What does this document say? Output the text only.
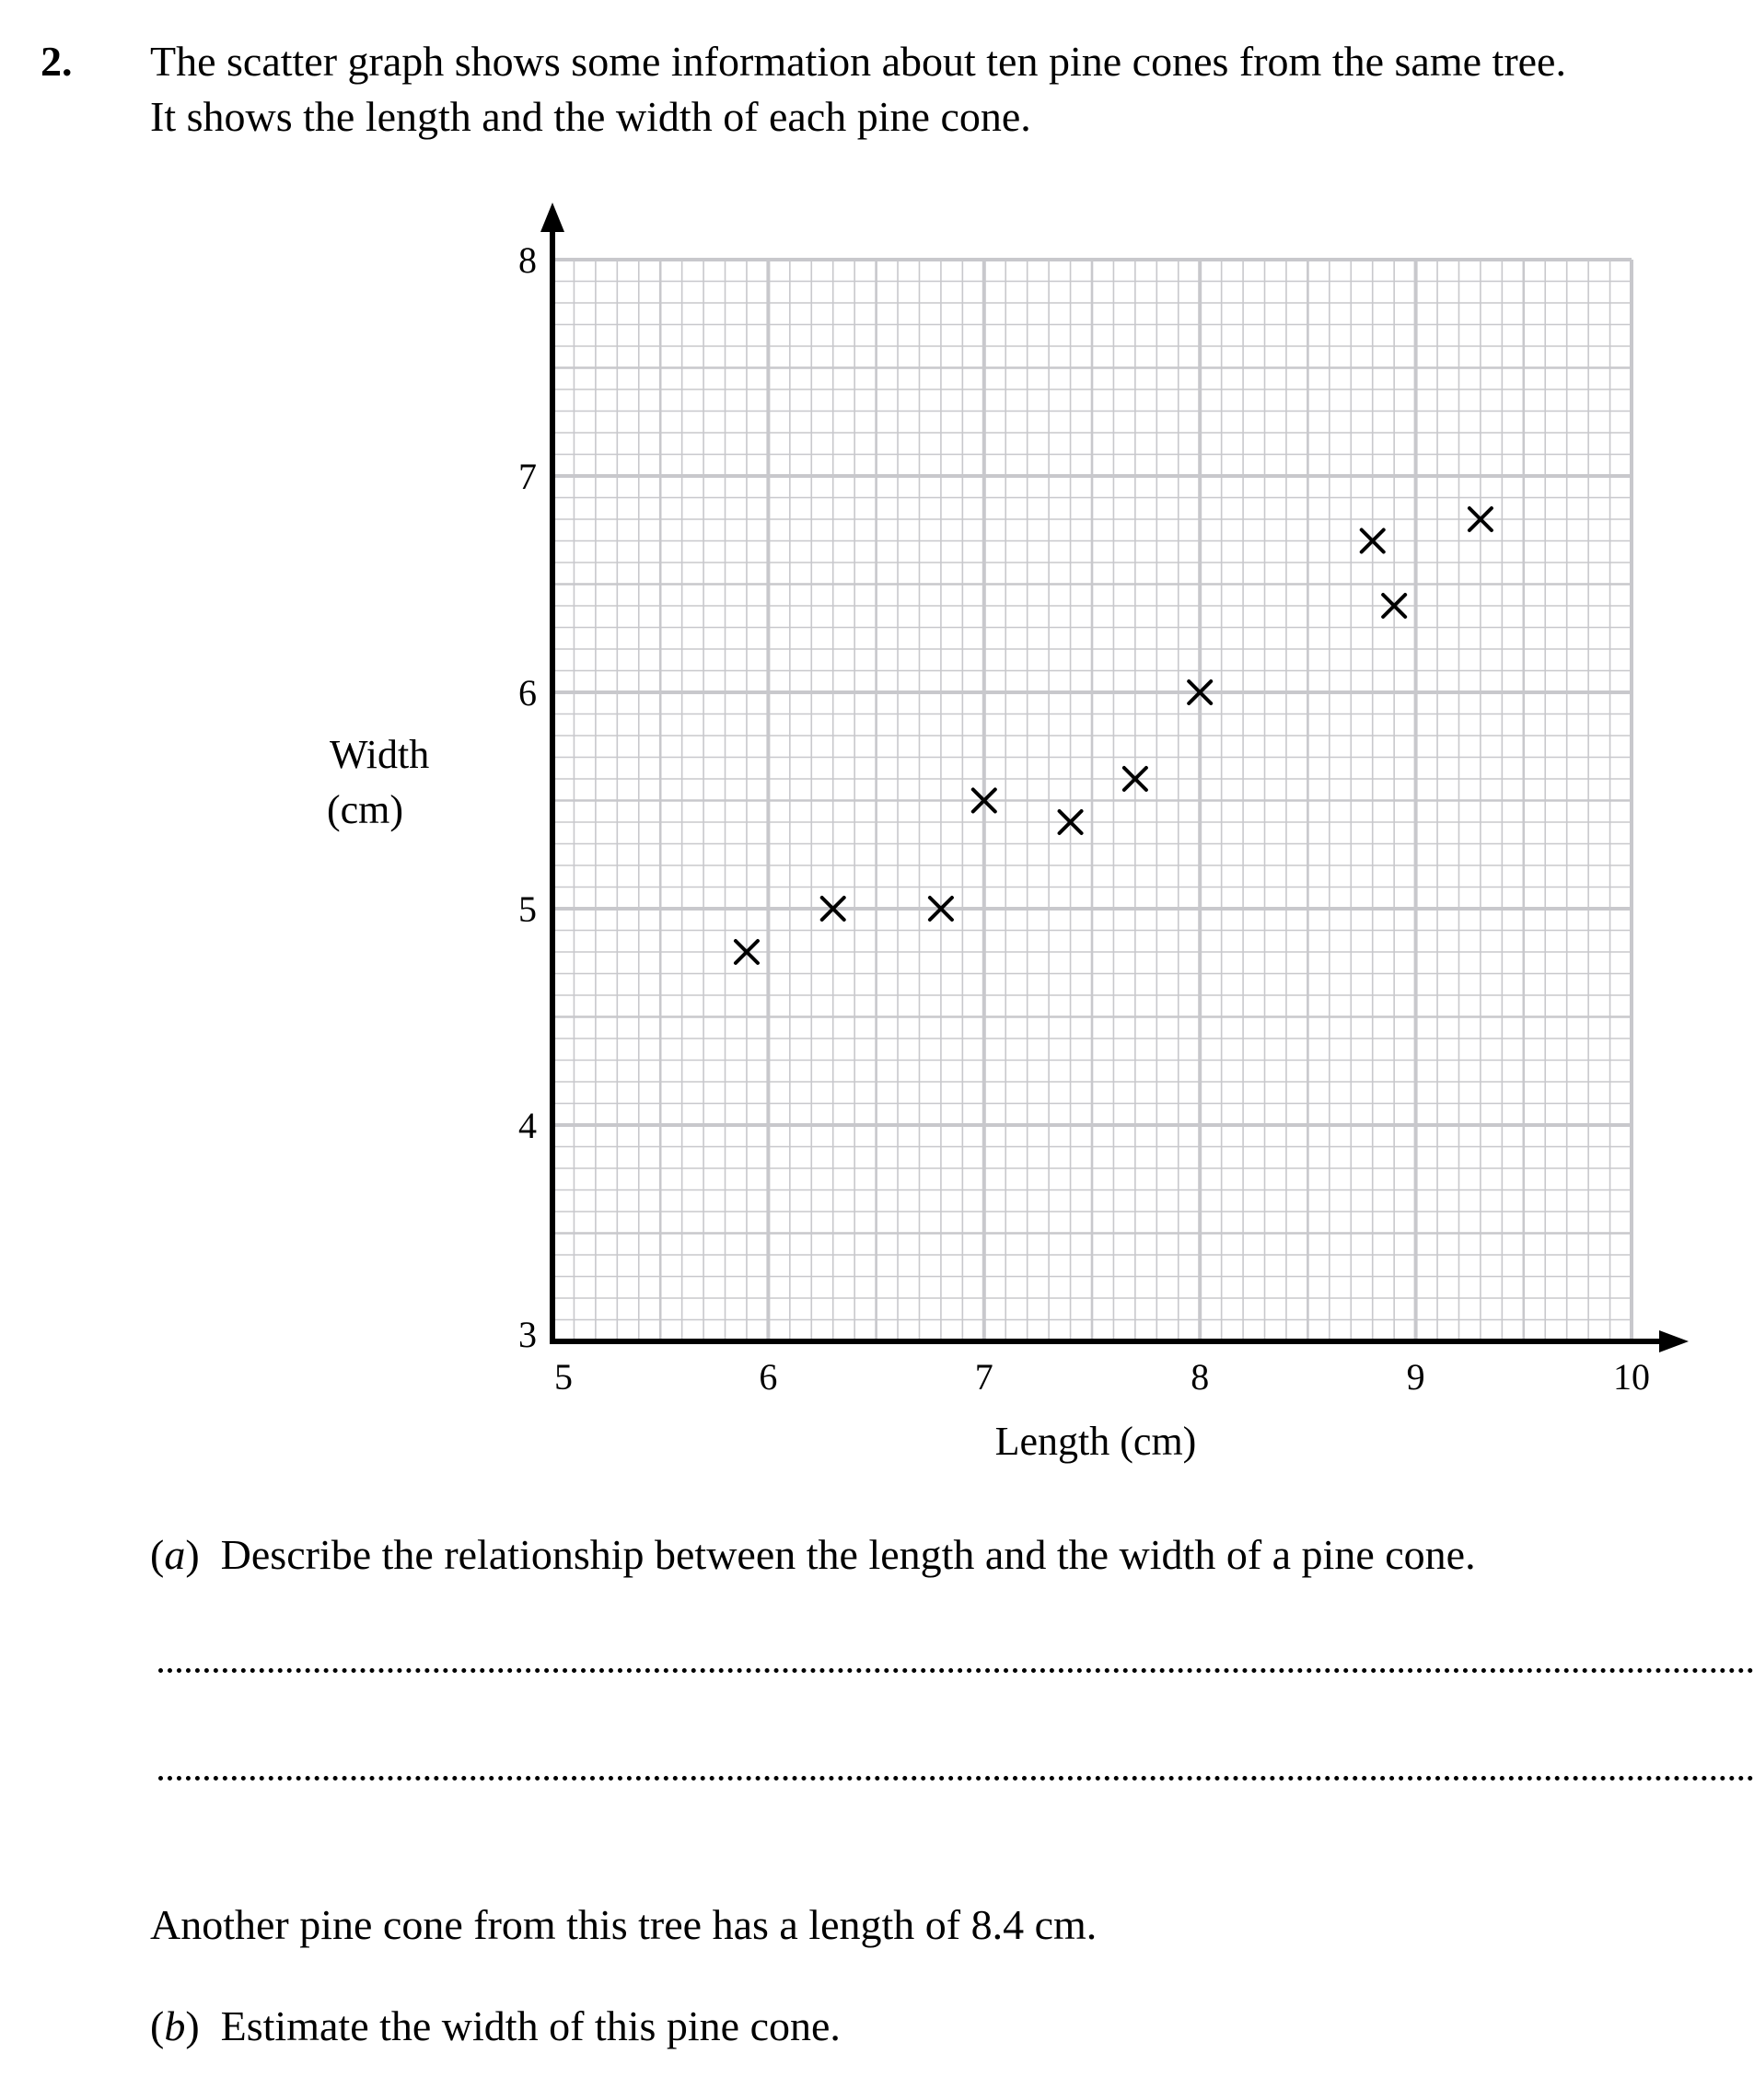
2. The scatter graph shows some information about ten pine cones from the same tree.
It shows the length and the width of each pine cone.
5	6	7	8	9	10
3
4
5
6
7
8
Width
(cm)
Length (cm)
(a)  Describe the relationship between the length and the width of a pine cone.
Another pine cone from this tree has a length of 8.4 cm.
(b)  Estimate the width of this pine cone.
